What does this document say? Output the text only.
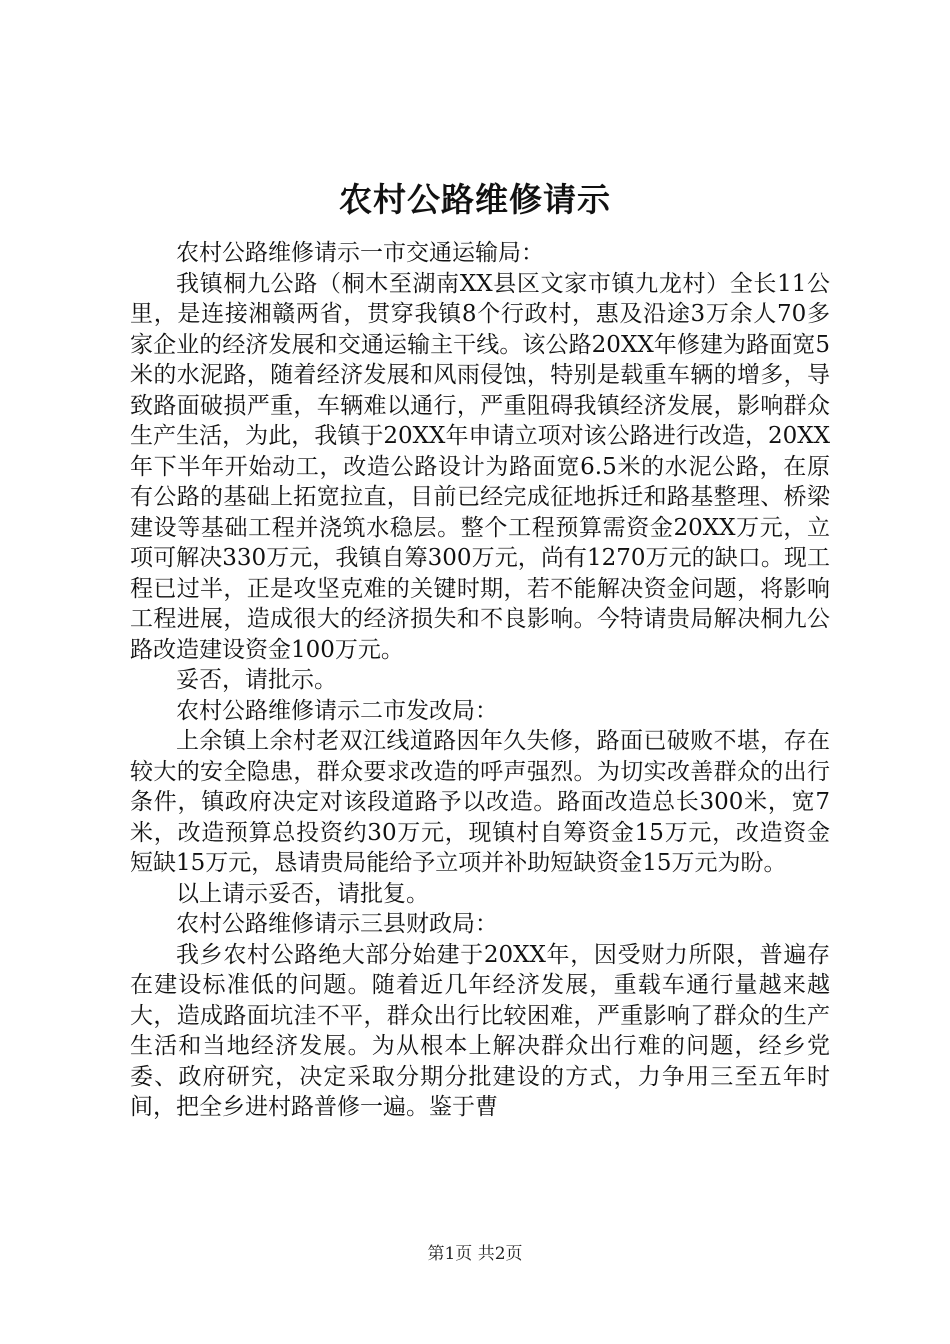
农村公路维修请示

农村公路维修请示一市交通运输局：

我镇桐九公路（桐木至湖南XX县区文家市镇九龙村）全长11公里，是连接湘赣两省，贯穿我镇8个行政村，惠及沿途3万余人70多家企业的经济发展和交通运输主干线。该公路20XX年修建为路面宽5米的水泥路，随着经济发展和风雨侵蚀，特别是载重车辆的增多，导致路面破损严重，车辆难以通行，严重阻碍我镇经济发展，影响群众生产生活，为此，我镇于20XX年申请立项对该公路进行改造，20XX年下半年开始动工，改造公路设计为路面宽6.5米的水泥公路，在原有公路的基础上拓宽拉直，目前已经完成征地拆迁和路基整理、桥梁建设等基础工程并浇筑水稳层。整个工程预算需资金20XX万元，立项可解决330万元，我镇自筹300万元，尚有1270万元的缺口。现工程已过半，正是攻坚克难的关键时期，若不能解决资金问题，将影响工程进展，造成很大的经济损失和不良影响。今特请贵局解决桐九公路改造建设资金100万元。

妥否，请批示。

农村公路维修请示二市发改局：

上余镇上余村老双江线道路因年久失修，路面已破败不堪，存在较大的安全隐患，群众要求改造的呼声强烈。为切实改善群众的出行条件，镇政府决定对该段道路予以改造。路面改造总长300米，宽7米，改造预算总投资约30万元，现镇村自筹资金15万元，改造资金短缺15万元，恳请贵局能给予立项并补助短缺资金15万元为盼。

以上请示妥否，请批复。

农村公路维修请示三县财政局：

我乡农村公路绝大部分始建于20XX年，因受财力所限，普遍存在建设标准低的问题。随着近几年经济发展，重载车通行量越来越大，造成路面坑洼不平，群众出行比较困难，严重影响了群众的生产生活和当地经济发展。为从根本上解决群众出行难的问题，经乡党委、政府研究，决定采取分期分批建设的方式，力争用三至五年时间，把全乡进村路普修一遍。鉴于曹

第1页 共2页
